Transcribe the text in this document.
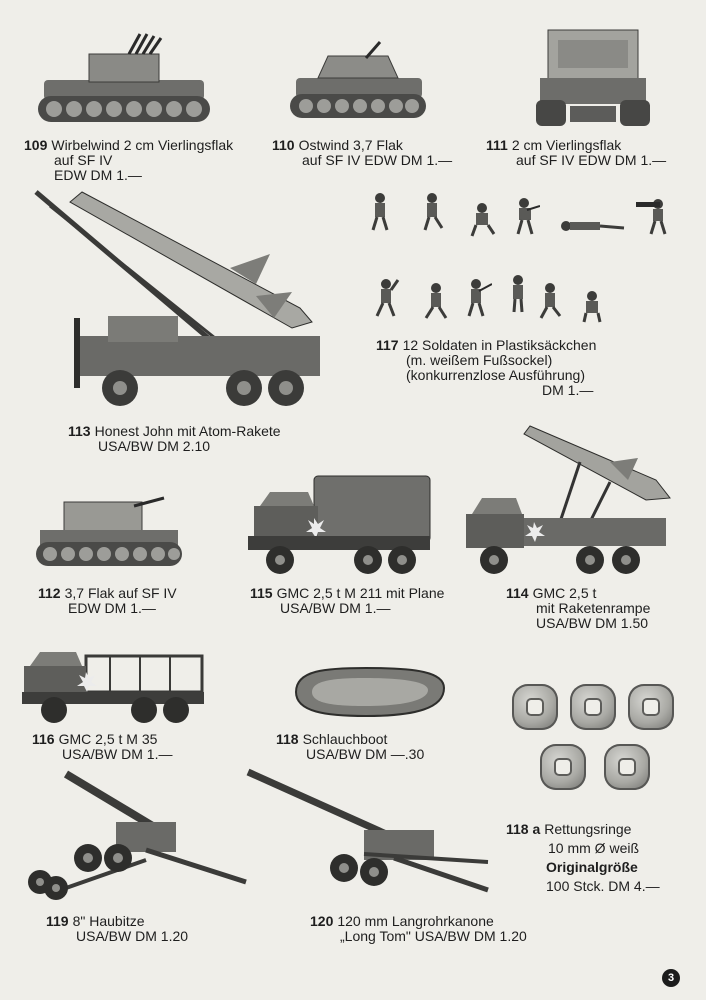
109 Wirbelwind 2 cm Vierlingsflak
auf SF IV
EDW DM 1.—
110 Ostwind 3,7 Flak
auf SF IV EDW DM 1.—
111 2 cm Vierlingsflak
auf SF IV EDW DM 1.—
117 12 Soldaten in Plastiksäckchen
(m. weißem Fußsockel)
(konkurrenzlose Ausführung)
DM 1.—
113 Honest John mit Atom-Rakete
USA/BW DM 2.10
112 3,7 Flak auf SF IV
EDW DM 1.—
115 GMC 2,5 t M 211 mit Plane
USA/BW DM 1.—
114 GMC 2,5 t
mit Raketenrampe
USA/BW DM 1.50
116 GMC 2,5 t M 35
USA/BW DM 1.—
118 Schlauchboot
USA/BW DM —.30
118 a Rettungsringe
10 mm Ø weiß
Originalgröße
100 Stck. DM 4.—
119 8" Haubitze
USA/BW DM 1.20
120 120 mm Langrohrkanone
„Long Tom" USA/BW DM 1.20
3
